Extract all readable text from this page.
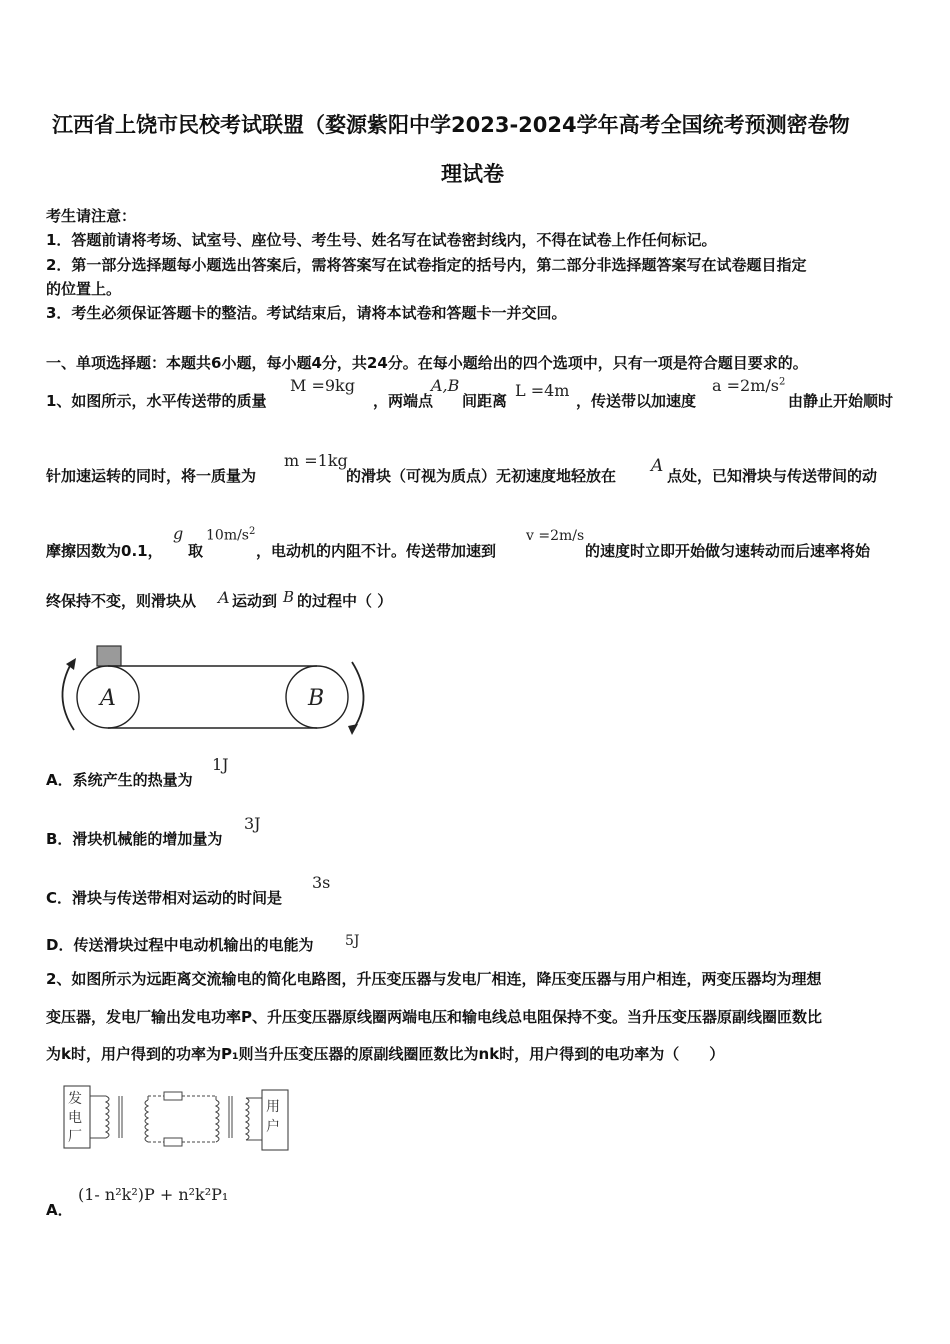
江西省上饶市民校考试联盟（婺源紫阳中学2023-2024学年高考全国统考预测密卷物
理试卷
考生请注意：
1．答题前请将考场、试室号、座位号、考生号、姓名写在试卷密封线内，不得在试卷上作任何标记。
2．第一部分选择题每小题选出答案后，需将答案写在试卷指定的括号内，第二部分非选择题答案写在试卷题目指定
的位置上。
3．考生必须保证答题卡的整洁。考试结束后，请将本试卷和答题卡一并交回。
一、单项选择题：本题共6小题，每小题4分，共24分。在每小题给出的四个选项中，只有一项是符合题目要求的。
1、如图所示，水平传送带的质量
M =9kg
，两端点
A,B
间距离
L =4m
，传送带以加速度
$a =2m/s^2$
由静止开始顺时
针加速运转的同时，将一质量为
m =1kg
的滑块（可视为质点）无初速度地轻放在 A 点处，已知滑块与传送带间的动
摩擦因数为0.1，
g
取
$10m/s^2$
，电动机的内阻不计。传送带加速到
v =2m/s
的速度时立即开始做匀速转动而后速率将始
终保持不变，则滑块从 A 运动到 B 的过程中（ ）
A	B
A．系统产生的热量为
1J
B．滑块机械能的增加量为
3J
C．滑块与传送带相对运动的时间是
3s
D．传送滑块过程中电动机输出的电能为 5J
2、如图所示为远距离交流输电的简化电路图，升压变压器与发电厂相连，降压变压器与用户相连，两变压器均为理想
变压器，发电厂输出发电功率P、升压变压器原线圈两端电压和输电线总电阻保持不变。当升压变压器原副线圈匝数比
为k时，用户得到的功率为P₁则当升压变压器的原副线圈匝数比为nk时，用户得到的电功率为（　　）
发
电
厂
用
户
A．
(1- n²k²)P + n²k²P₁
